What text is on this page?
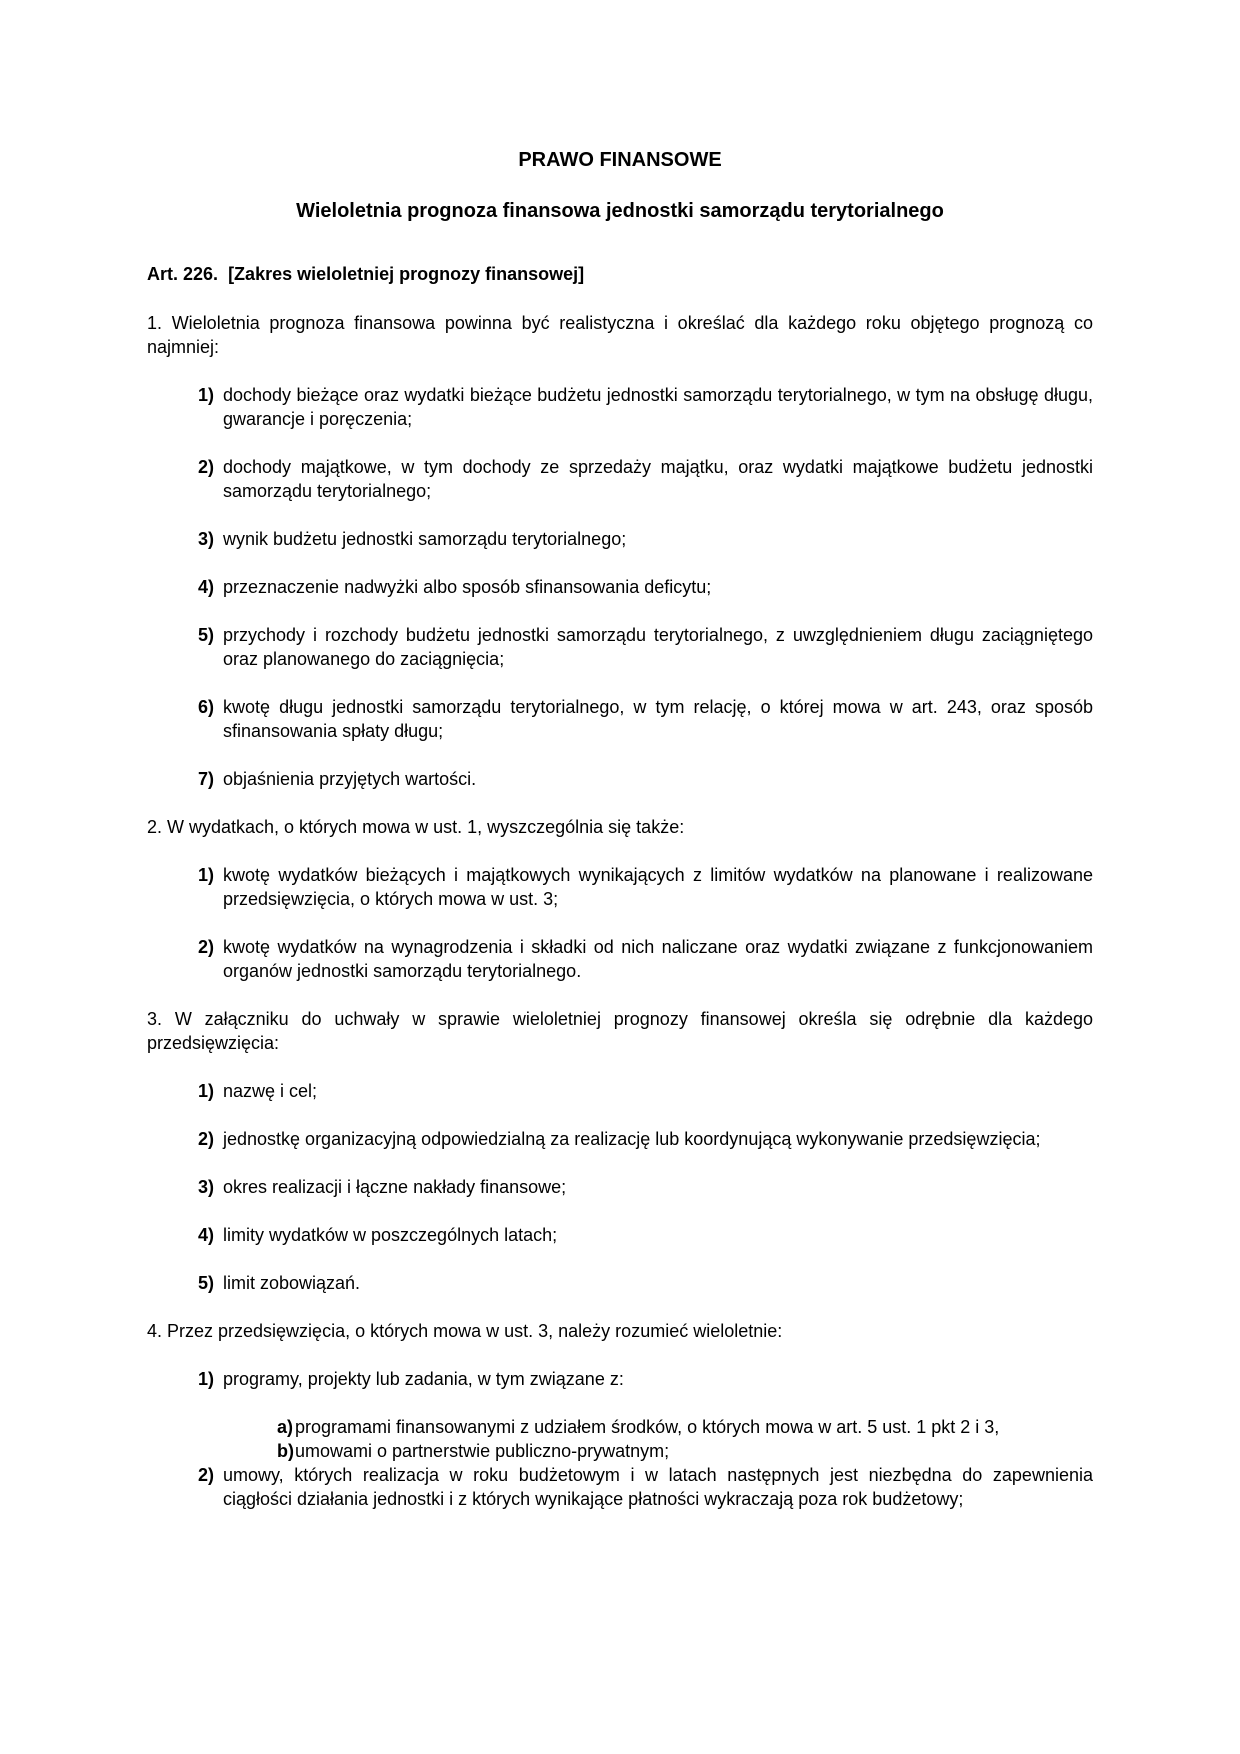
PRAWO FINANSOWE
Wieloletnia prognoza finansowa jednostki samorządu terytorialnego
Art. 226. [Zakres wieloletniej prognozy finansowej]
1. Wieloletnia prognoza finansowa powinna być realistyczna i określać dla każdego roku objętego prognozą co najmniej:
1) dochody bieżące oraz wydatki bieżące budżetu jednostki samorządu terytorialnego, w tym na obsługę długu, gwarancje i poręczenia;
2) dochody majątkowe, w tym dochody ze sprzedaży majątku, oraz wydatki majątkowe budżetu jednostki samorządu terytorialnego;
3) wynik budżetu jednostki samorządu terytorialnego;
4) przeznaczenie nadwyżki albo sposób sfinansowania deficytu;
5) przychody i rozchody budżetu jednostki samorządu terytorialnego, z uwzględnieniem długu zaciągniętego oraz planowanego do zaciągnięcia;
6) kwotę długu jednostki samorządu terytorialnego, w tym relację, o której mowa w art. 243, oraz sposób sfinansowania spłaty długu;
7) objaśnienia przyjętych wartości.
2. W wydatkach, o których mowa w ust. 1, wyszczególnia się także:
1) kwotę wydatków bieżących i majątkowych wynikających z limitów wydatków na planowane i realizowane przedsięwzięcia, o których mowa w ust. 3;
2) kwotę wydatków na wynagrodzenia i składki od nich naliczane oraz wydatki związane z funkcjonowaniem organów jednostki samorządu terytorialnego.
3. W załączniku do uchwały w sprawie wieloletniej prognozy finansowej określa się odrębnie dla każdego przedsięwzięcia:
1) nazwę i cel;
2) jednostkę organizacyjną odpowiedzialną za realizację lub koordynującą wykonywanie przedsięwzięcia;
3) okres realizacji i łączne nakłady finansowe;
4) limity wydatków w poszczególnych latach;
5) limit zobowiązań.
4. Przez przedsięwzięcia, o których mowa w ust. 3, należy rozumieć wieloletnie:
1) programy, projekty lub zadania, w tym związane z:
a) programami finansowanymi z udziałem środków, o których mowa w art. 5 ust. 1 pkt 2 i 3,
b) umowami o partnerstwie publiczno-prywatnym;
2) umowy, których realizacja w roku budżetowym i w latach następnych jest niezbędna do zapewnienia ciągłości działania jednostki i z których wynikające płatności wykraczają poza rok budżetowy;
